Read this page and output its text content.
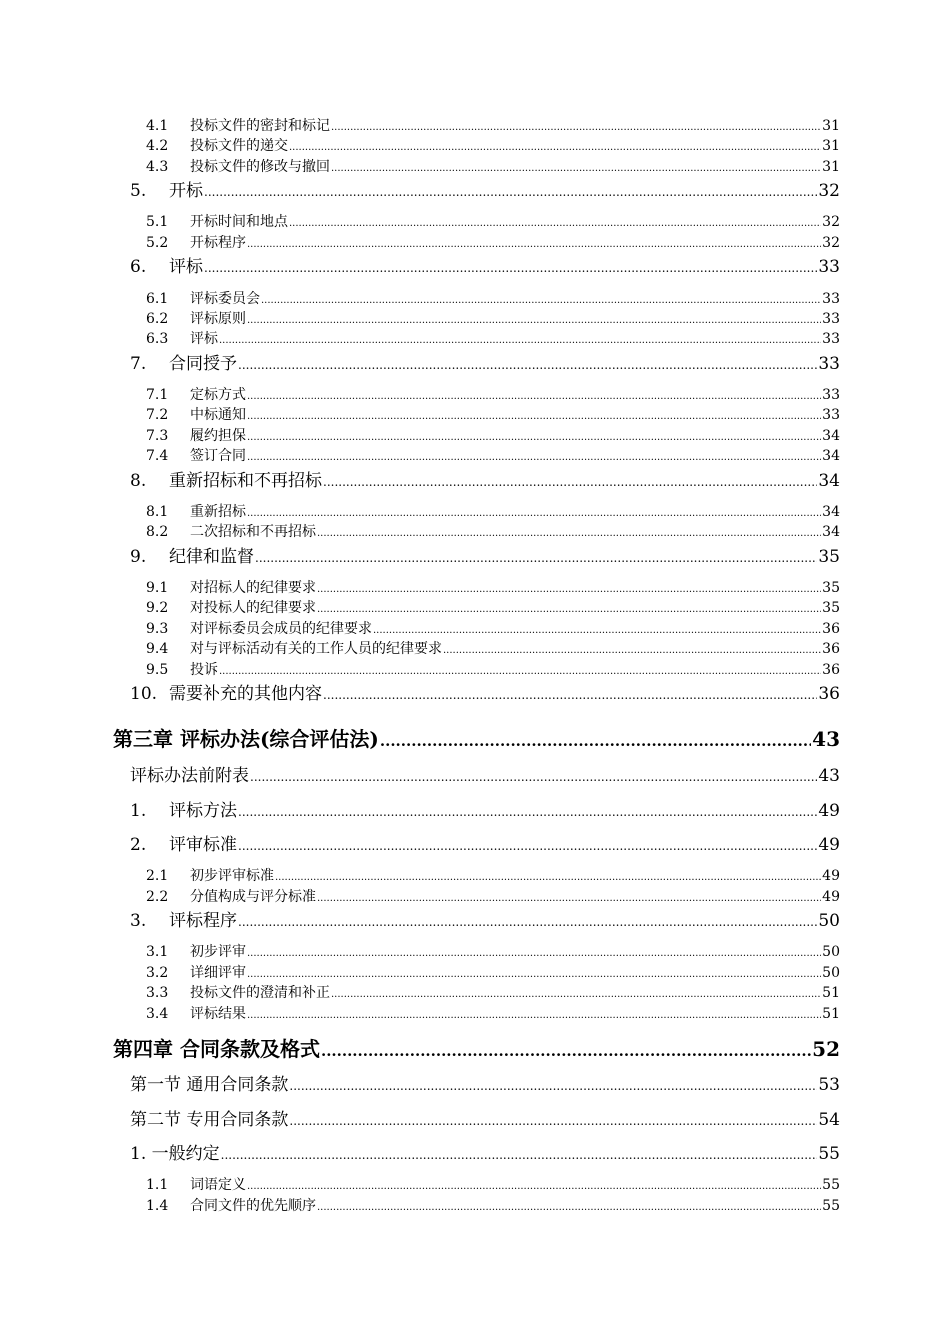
4.1	投标文件的密封和标记 .....	31
4.2	投标文件的递交 .....	31
4.3	投标文件的修改与撤回 .....	31
5.	开标 .....	32
5.1	开标时间和地点 .....	32
5.2	开标程序 .....	32
6.	评标 .....	33
6.1	评标委员会 .....	33
6.2	评标原则 .....	33
6.3	评标 .....	33
7.	合同授予 .....	33
7.1	定标方式 .....	33
7.2	中标通知 .....	33
7.3	履约担保 .....	34
7.4	签订合同 .....	34
8.	重新招标和不再招标 .....	34
8.1	重新招标 .....	34
8.2	二次招标和不再招标 .....	34
9.	纪律和监督 .....	35
9.1	对招标人的纪律要求 .....	35
9.2	对投标人的纪律要求 .....	35
9.3	对评标委员会成员的纪律要求 .....	36
9.4	对与评标活动有关的工作人员的纪律要求 .....	36
9.5	投诉 .....	36
10. 需要补充的其他内容 .....	36
第三章 评标办法(综合评估法) .....	43
评标办法前附表 .....	43
1.	评标方法 .....	49
2.	评审标准 .....	49
2.1	初步评审标准 .....	49
2.2	分值构成与评分标准 .....	49
3.	评标程序 .....	50
3.1	初步评审 .....	50
3.2	详细评审 .....	50
3.3	投标文件的澄清和补正 .....	51
3.4	评标结果 .....	51
第四章 合同条款及格式 .....	52
第一节 通用合同条款 .....	53
第二节 专用合同条款 .....	54
1. 一般约定 .....	55
1.1	词语定义 .....	55
1.4	合同文件的优先顺序 .....	55
